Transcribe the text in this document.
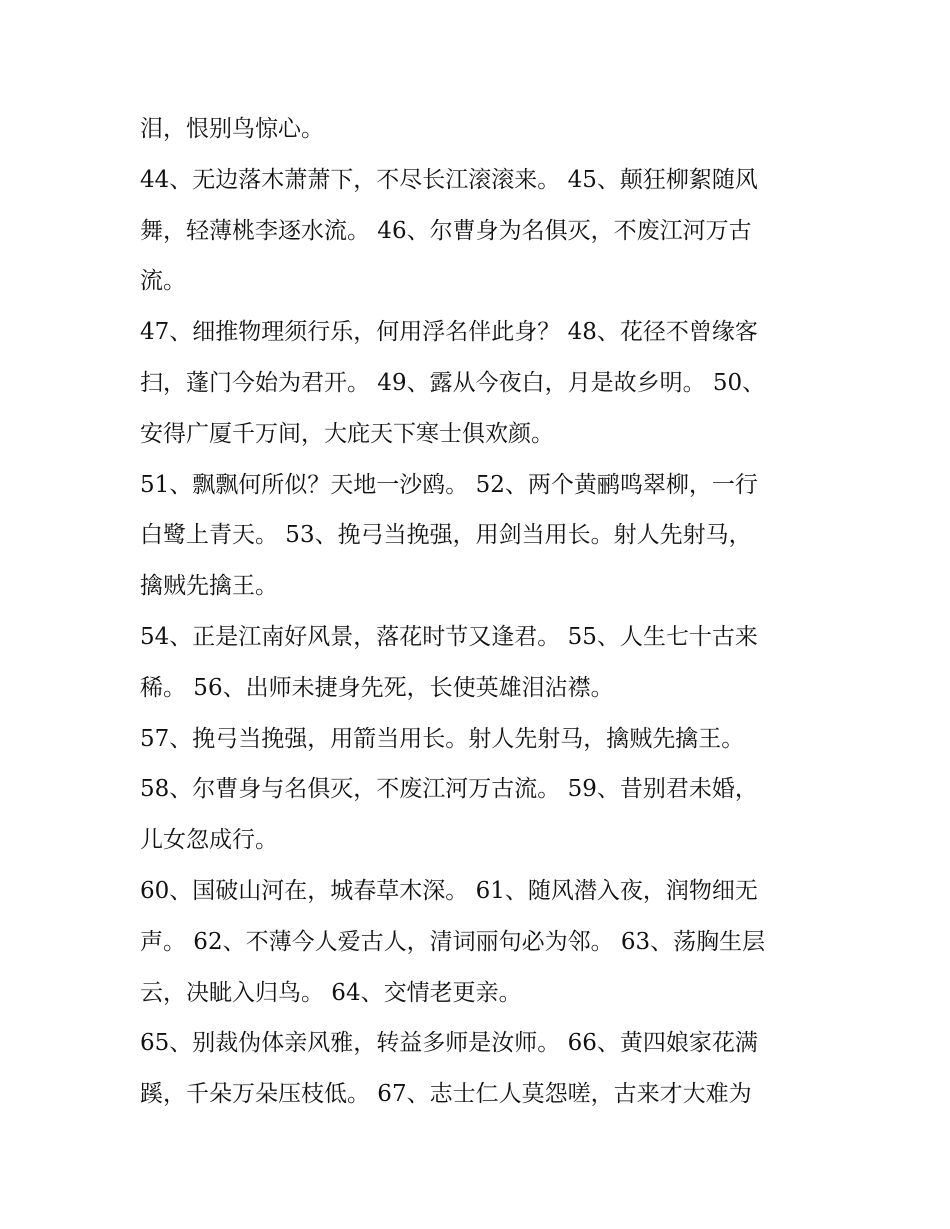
泪，恨别鸟惊心。
44、无边落木萧萧下，不尽长江滚滚来。 45、颠狂柳絮随风
舞，轻薄桃李逐水流。 46、尔曹身为名俱灭，不废江河万古
流。
47、细推物理须行乐，何用浮名伴此身？ 48、花径不曾缘客
扫，蓬门今始为君开。 49、露从今夜白，月是故乡明。 50、
安得广厦千万间，大庇天下寒士俱欢颜。
51、飘飘何所似？天地一沙鸥。 52、两个黄鹂鸣翠柳，一行
白鹭上青天。 53、挽弓当挽强，用剑当用长。射人先射马，
擒贼先擒王。
54、正是江南好风景，落花时节又逢君。 55、人生七十古来
稀。 56、出师未捷身先死，长使英雄泪沾襟。
57、挽弓当挽强，用箭当用长。射人先射马，擒贼先擒王。
58、尔曹身与名俱灭，不废江河万古流。 59、昔别君未婚，
儿女忽成行。
60、国破山河在，城春草木深。 61、随风潜入夜，润物细无
声。 62、不薄今人爱古人，清词丽句必为邻。 63、荡胸生层
云，决眦入归鸟。 64、交情老更亲。
65、别裁伪体亲风雅，转益多师是汝师。 66、黄四娘家花满
蹊，千朵万朵压枝低。 67、志士仁人莫怨嗟，古来才大难为
